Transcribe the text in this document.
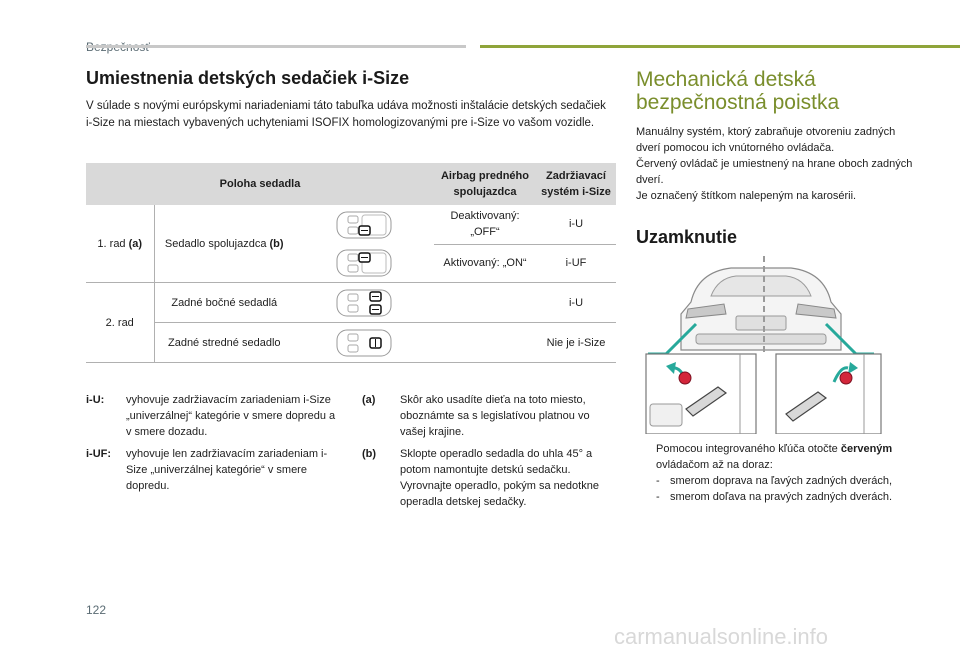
Umiestnenia detských sedačiek i-Size

V súlade s novými európskymi nariadeniami táto tabuľka udáva možnosti inštalácie detských sedačiek i-Size na miestach vybavených uchyteniami ISOFIX homologizovanými pre i-Size vo vašom vozidle.

Poloha sedadla			Airbag predného spolujazdca	Zadržiavací systém i-Size
1. rad (a)	Sedadlo spolujazdca (b)		Deaktivovaný: „OFF“	i-U

	Aktivovaný: „ON“	i-UF
2. rad	Zadné bočné sedadlá			i-U
	Zadné stredné sedadlo			Nie je i-Size
i-U: vyhovuje zadržiavacím zariadeniam i-Size „univerzálnej“ kategórie v smere dopredu a v smere dozadu.
i-UF: vyhovuje len zadržiavacím zariadeniam i-Size „univerzálnej kategórie“ v smere dopredu.
(a) Skôr ako usadíte dieťa na toto miesto, oboznámte sa s legislatívou platnou vo vašej krajine.
(b) Sklopte operadlo sedadla do uhla 45° a potom namontujte detskú sedačku. Vyrovnajte operadlo, pokým sa nedotkne operadla detskej sedačky.
Mechanická detská
bezpečnostná poistka
Manuálny systém, ktorý zabraňuje otvoreniu zadných dverí pomocou ich vnútorného ovládača.
Červený ovládač je umiestnený na hrane oboch zadných dverí.
Je označený štítkom nalepeným na karosérii.
Uzamknutie
Pomocou integrovaného kľúča otočte červeným ovládačom až na doraz:
- smerom doprava na ľavých zadných dverách,
- smerom doľava na pravých zadných dverách.
122
carmanualsonline.info
